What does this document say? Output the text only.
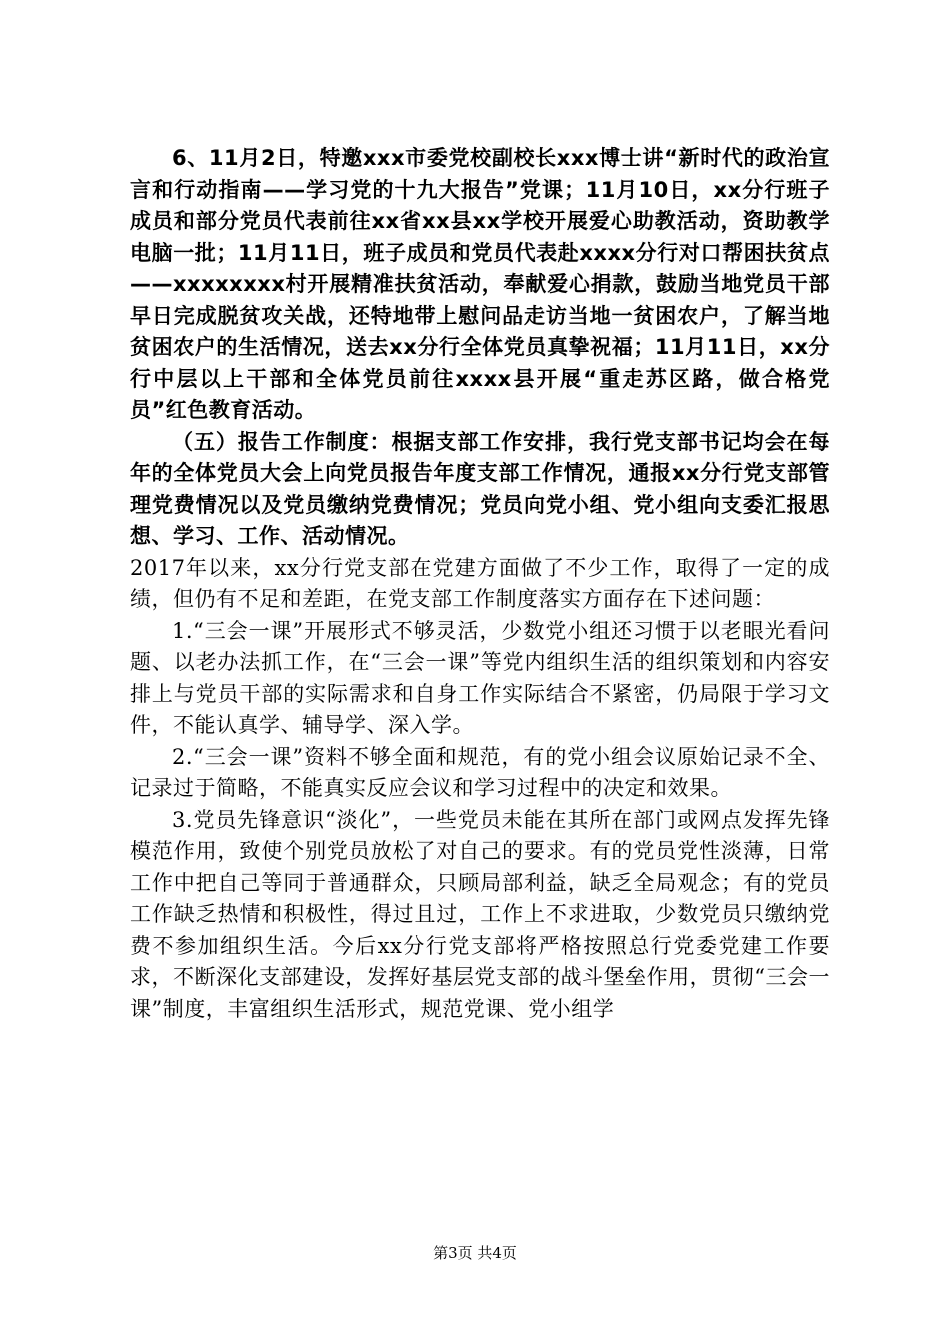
6、11月2日，特邀xxx市委党校副校长xxx博士讲“新时代的政治宣言和行动指南——学习党的十九大报告”党课；11月10日，xx分行班子成员和部分党员代表前往xx省xx县xx学校开展爱心助教活动，资助教学电脑一批；11月11日，班子成员和党员代表赴xxxx分行对口帮困扶贫点——xxxxxxxx村开展精准扶贫活动，奉献爱心捐款，鼓励当地党员干部早日完成脱贫攻关战，还特地带上慰问品走访当地一贫困农户，了解当地贫困农户的生活情况，送去xx分行全体党员真挚祝福；11月11日，xx分行中层以上干部和全体党员前往xxxx县开展“重走苏区路，做合格党员”红色教育活动。

（五）报告工作制度：根据支部工作安排，我行党支部书记均会在每年的全体党员大会上向党员报告年度支部工作情况，通报xx分行党支部管理党费情况以及党员缴纳党费情况；党员向党小组、党小组向支委汇报思想、学习、工作、活动情况。

2017年以来，xx分行党支部在党建方面做了不少工作，取得了一定的成绩，但仍有不足和差距，在党支部工作制度落实方面存在下述问题：

1.“三会一课”开展形式不够灵活，少数党小组还习惯于以老眼光看问题、以老办法抓工作，在“三会一课”等党内组织生活的组织策划和内容安排上与党员干部的实际需求和自身工作实际结合不紧密，仍局限于学习文件，不能认真学、辅导学、深入学。

2.“三会一课”资料不够全面和规范，有的党小组会议原始记录不全、记录过于简略，不能真实反应会议和学习过程中的决定和效果。

3.党员先锋意识“淡化”，一些党员未能在其所在部门或网点发挥先锋模范作用，致使个别党员放松了对自己的要求。有的党员党性淡薄，日常工作中把自己等同于普通群众，只顾局部利益，缺乏全局观念；有的党员工作缺乏热情和积极性，得过且过，工作上不求进取，少数党员只缴纳党费不参加组织生活。今后xx分行党支部将严格按照总行党委党建工作要求，不断深化支部建设，发挥好基层党支部的战斗堡垒作用，贯彻“三会一课”制度，丰富组织生活形式，规范党课、党小组学

第3页 共4页
